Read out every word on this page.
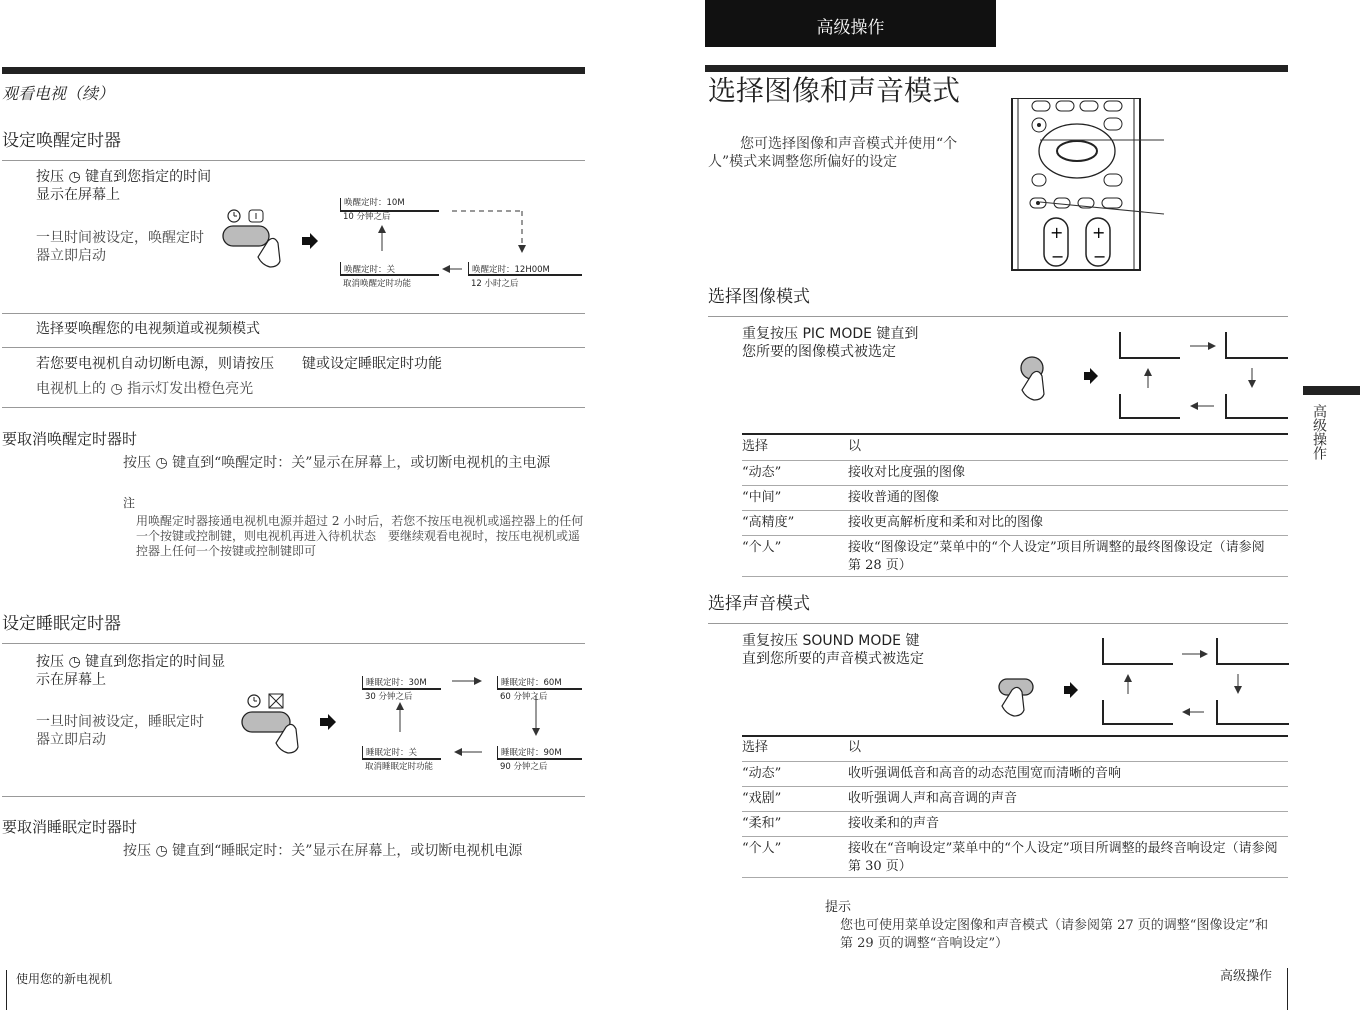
观看电视（续）
设定唤醒定时器
按压 ◷ 键直到您指定的时间显示在屏幕上
一旦时间被设定，唤醒定时器立即启动
唤醒定时：10M
10 分钟之后
唤醒定时：关
取消唤醒定时功能
唤醒定时：12H00M
12 小时之后
选择要唤醒您的电视频道或视频模式
若您要电视机自动切断电源，则请按压　　键或设定睡眠定时功能
电视机上的 ◷ 指示灯发出橙色亮光
要取消唤醒定时器时
按压 ◷ 键直到“唤醒定时：关”显示在屏幕上，或切断电视机的主电源
注
用唤醒定时器接通电视机电源并超过 2 小时后，若您不按压电视机或遥控器上的任何一个按键或控制键，则电视机再进入待机状态　要继续观看电视时，按压电视机或遥控器上任何一个按键或控制键即可
设定睡眠定时器
按压 ◷ 键直到您指定的时间显示在屏幕上
一旦时间被设定，睡眠定时器立即启动
睡眠定时：30M
30 分钟之后
睡眠定时：60M
60 分钟之后
睡眠定时：关
取消睡眠定时功能
睡眠定时：90M
90 分钟之后
要取消睡眠定时器时
按压 ◷ 键直到“睡眠定时：关”显示在屏幕上，或切断电视机电源
使用您的新电视机
高级操作
选择图像和声音模式
您可选择图像和声音模式并使用“个人”模式来调整您所偏好的设定
+ +
− −
选择图像模式
重复按压 PIC MODE 键直到您所要的图像模式被选定
选择	以
“动态”	接收对比度强的图像
“中间”	接收普通的图像
“高精度”	接收更高解析度和柔和对比的图像
“个人”	接收“图像设定”菜单中的“个人设定”项目所调整的最终图像设定（请参阅第 28 页）
选择声音模式
重复按压 SOUND MODE 键直到您所要的声音模式被选定
选择	以
“动态”	收听强调低音和高音的动态范围宽而清晰的音响
“戏剧”	收听强调人声和高音调的声音
“柔和”	接收柔和的声音
“个人”	接收在“音响设定”菜单中的“个人设定”项目所调整的最终音响设定（请参阅第 30 页）
提示
您也可使用菜单设定图像和声音模式（请参阅第 27 页的调整“图像设定”和第 29 页的调整“音响设定”）
高级操作
高级操作
